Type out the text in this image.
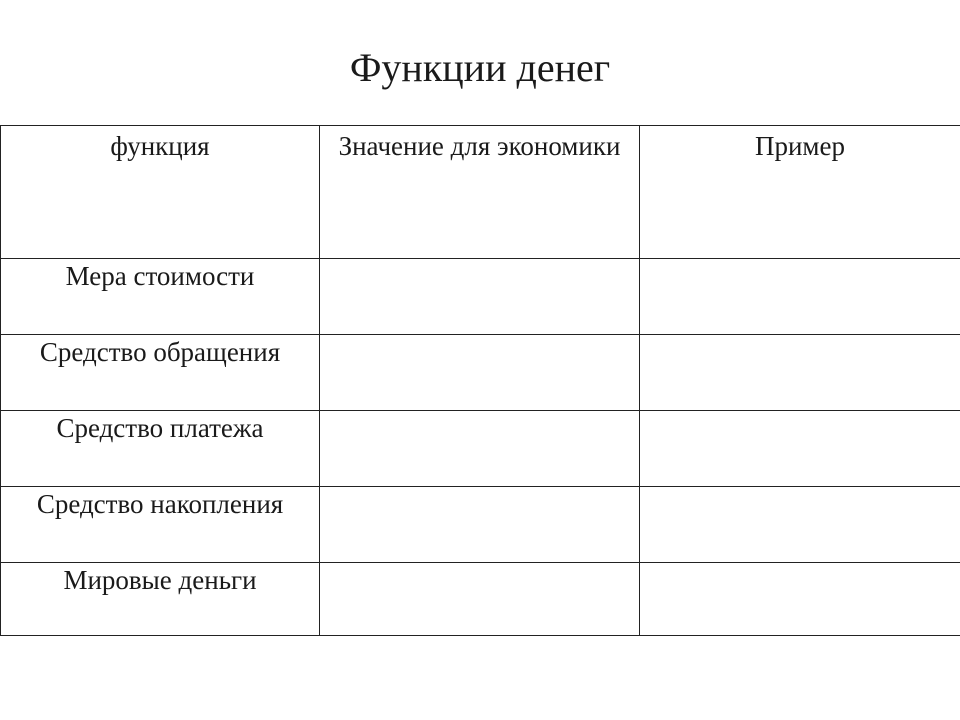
Функции денег
функция	Значение для экономики	Пример
Мера стоимости		
Средство обращения		
Средство платежа		
Средство накопления		
Мировые деньги		
